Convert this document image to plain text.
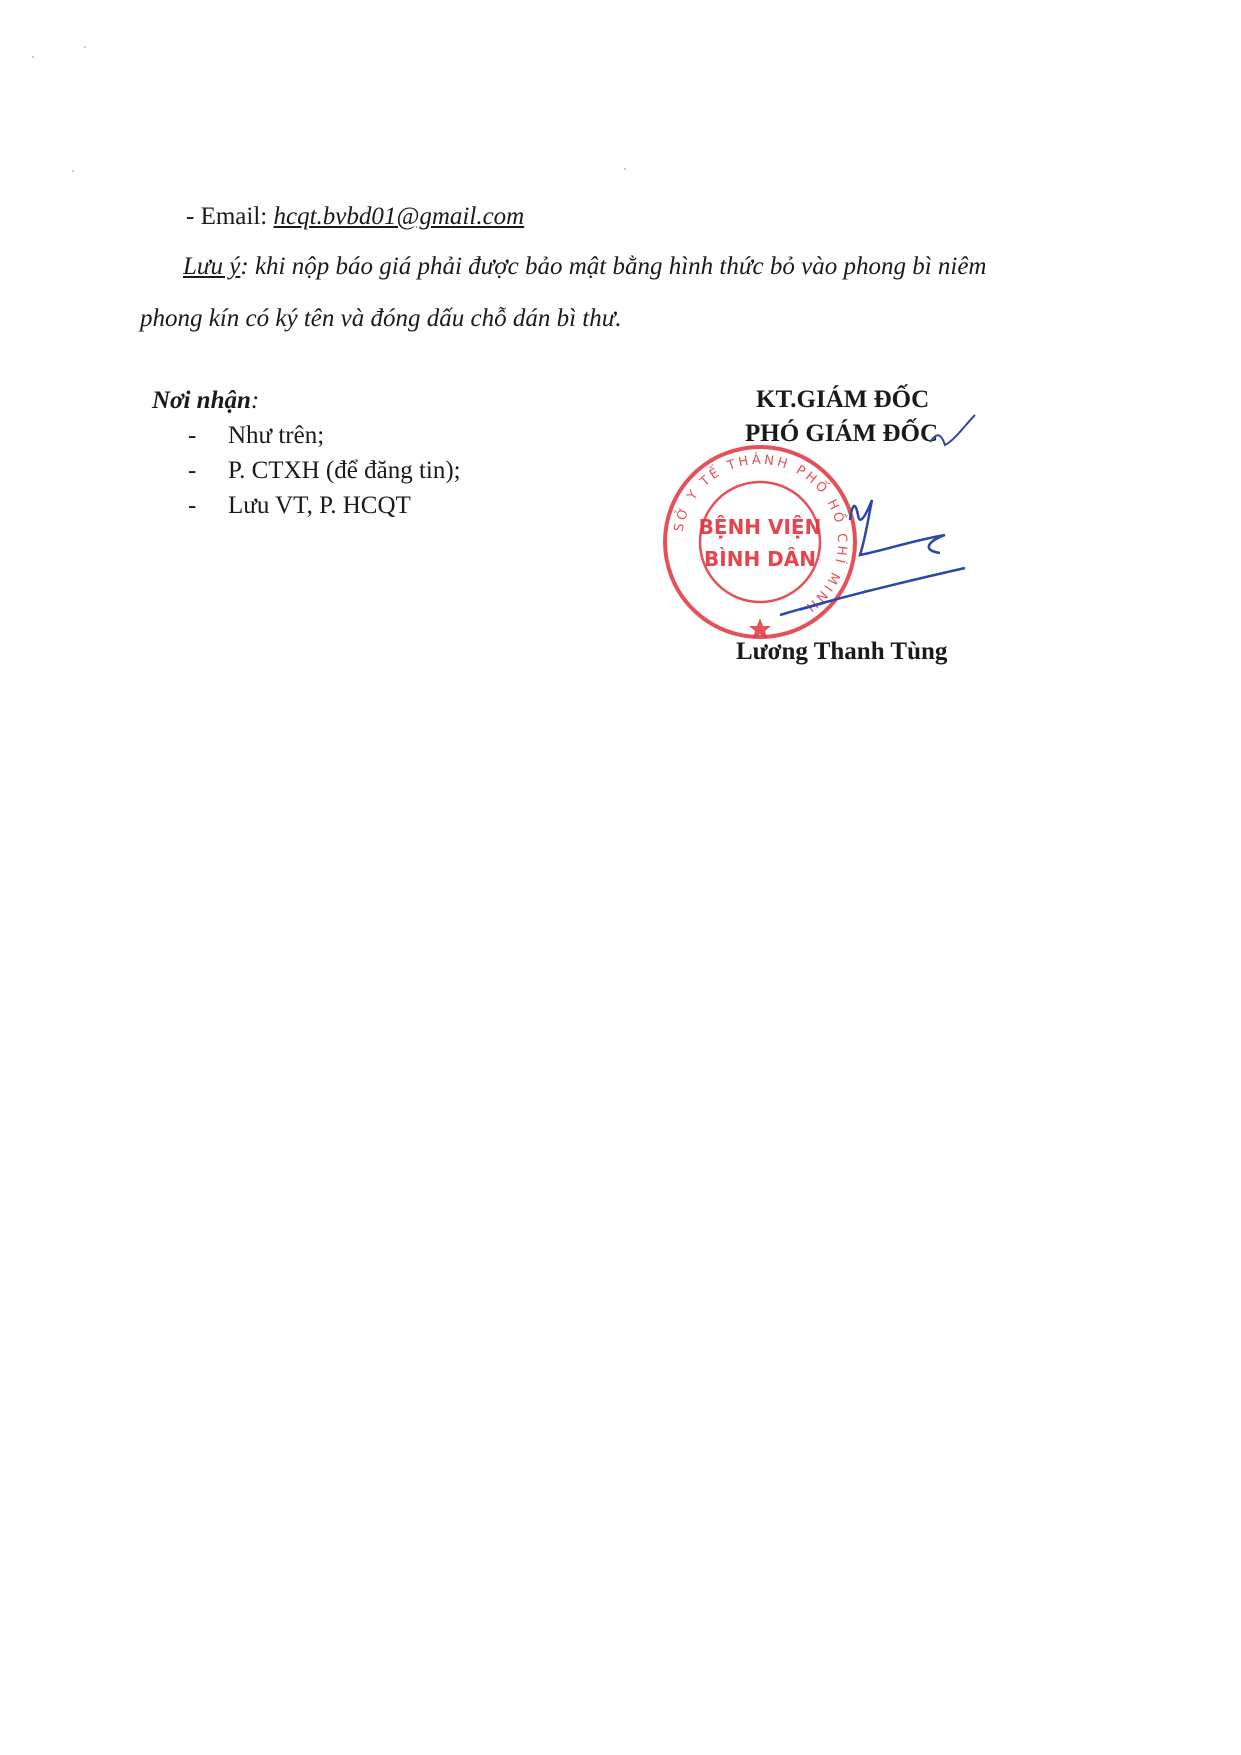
- Email: hcqt.bvbd01@gmail.com
Lưu ý: khi nộp báo giá phải được bảo mật bằng hình thức bỏ vào phong bì niêm
phong kín có ký tên và đóng dấu chỗ dán bì thư.
Nơi nhận:
- Như trên;
- P. CTXH (để đăng tin);
- Lưu VT, P. HCQT
KT.GIÁM ĐỐC
PHÓ GIÁM ĐỐC
SỞ Y TẾ THÀNH PHỐ HỒ CHÍ MINH
BỆNH VIỆN
BÌNH DÂN
Lương Thanh Tùng
